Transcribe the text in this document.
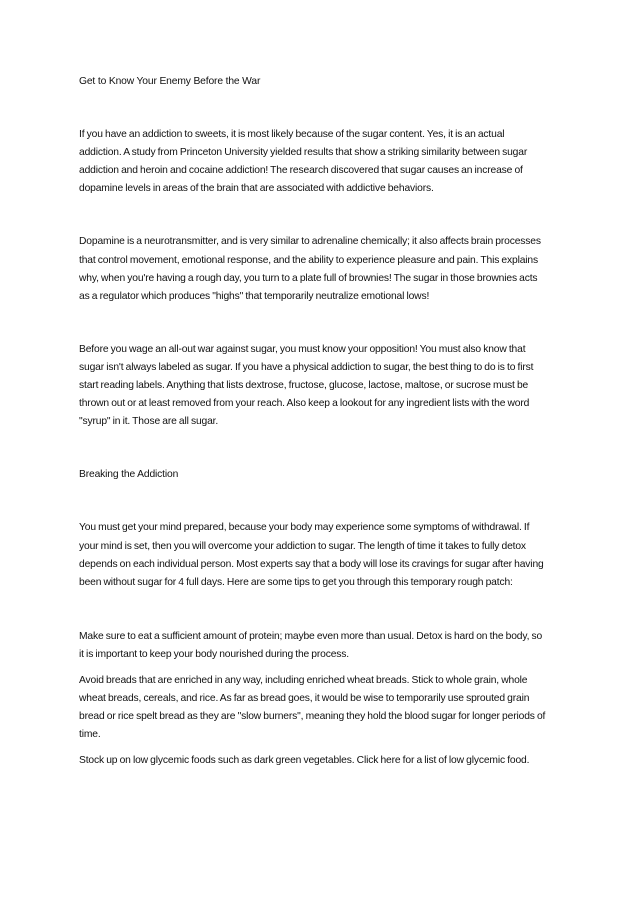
Get to Know Your Enemy Before the War

If you have an addiction to sweets, it is most likely because of the sugar content. Yes, it is an actual addiction. A study from Princeton University yielded results that show a striking similarity between sugar addiction and heroin and cocaine addiction! The research discovered that sugar causes an increase of dopamine levels in areas of the brain that are associated with addictive behaviors.

Dopamine is a neurotransmitter, and is very similar to adrenaline chemically; it also affects brain processes that control movement, emotional response, and the ability to experience pleasure and pain. This explains why, when you're having a rough day, you turn to a plate full of brownies! The sugar in those brownies acts as a regulator which produces "highs" that temporarily neutralize emotional lows!

Before you wage an all-out war against sugar, you must know your opposition! You must also know that sugar isn't always labeled as sugar. If you have a physical addiction to sugar, the best thing to do is to first start reading labels. Anything that lists dextrose, fructose, glucose, lactose, maltose, or sucrose must be thrown out or at least removed from your reach. Also keep a lookout for any ingredient lists with the word "syrup" in it. Those are all sugar.

Breaking the Addiction

You must get your mind prepared, because your body may experience some symptoms of withdrawal. If your mind is set, then you will overcome your addiction to sugar. The length of time it takes to fully detox depends on each individual person. Most experts say that a body will lose its cravings for sugar after having been without sugar for 4 full days. Here are some tips to get you through this temporary rough patch:

Make sure to eat a sufficient amount of protein; maybe even more than usual. Detox is hard on the body, so it is important to keep your body nourished during the process.

Avoid breads that are enriched in any way, including enriched wheat breads. Stick to whole grain, whole wheat breads, cereals, and rice. As far as bread goes, it would be wise to temporarily use sprouted grain bread or rice spelt bread as they are "slow burners", meaning they hold the blood sugar for longer periods of time.

Stock up on low glycemic foods such as dark green vegetables. Click here for a list of low glycemic food.
